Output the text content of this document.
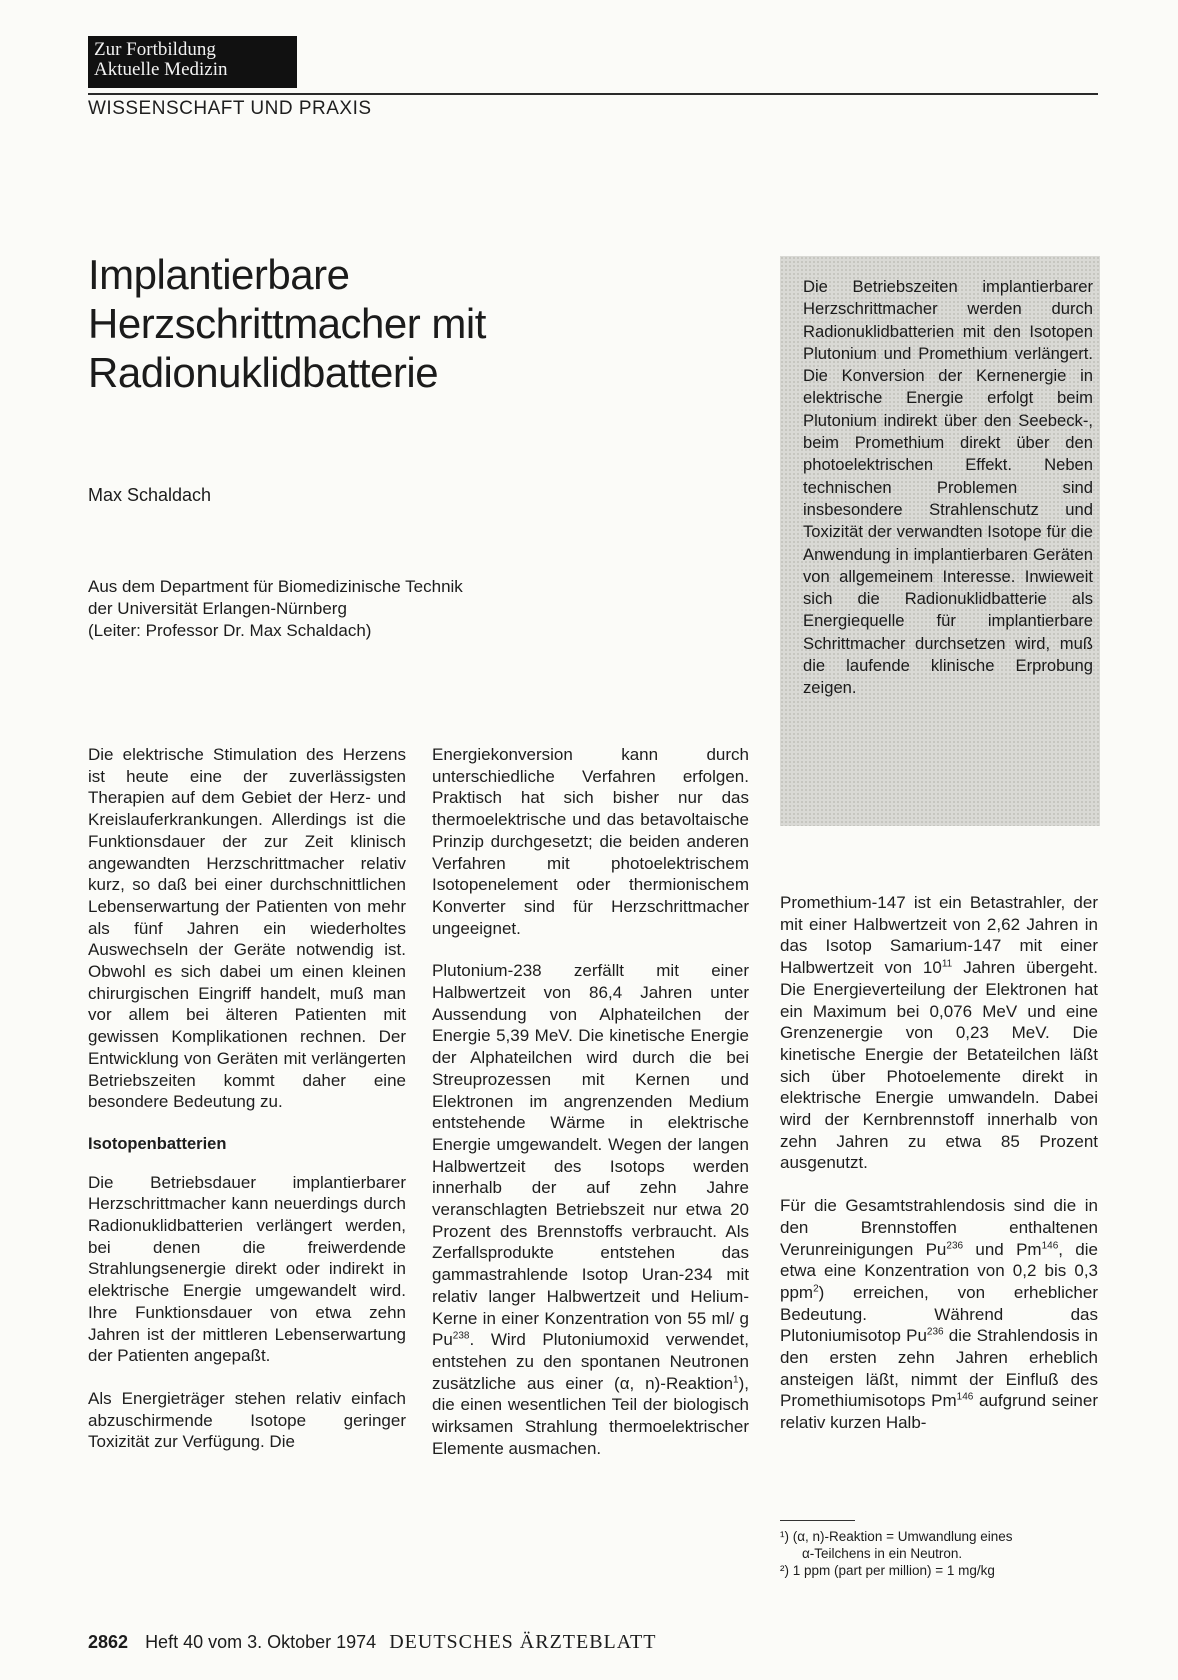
Zur Fortbildung
Aktuelle Medizin
WISSENSCHAFT UND PRAXIS
Implantierbare
Herzschrittmacher mit
Radionuklidbatterie
Max Schaldach
Aus dem Department für Biomedizinische Technik
der Universität Erlangen-Nürnberg
(Leiter: Professor Dr. Max Schaldach)
Die Betriebszeiten implantierbarer Herzschrittmacher werden durch Radionuklidbatterien mit den Isotopen Plutonium und Promethium verlängert. Die Konversion der Kernenergie in elektrische Energie erfolgt beim Plutonium indirekt über den Seebeck-, beim Promethium direkt über den photoelektrischen Effekt. Neben technischen Problemen sind insbesondere Strahlenschutz und Toxizität der verwandten Isotope für die Anwendung in implantierbaren Geräten von allgemeinem Interesse. Inwieweit sich die Radionuklidbatterie als Energiequelle für implantierbare Schrittmacher durchsetzen wird, muß die laufende klinische Erprobung zeigen.

Die elektrische Stimulation des Herzens ist heute eine der zuverlässigsten Therapien auf dem Gebiet der Herz- und Kreislauferkrankungen. Allerdings ist die Funktionsdauer der zur Zeit klinisch angewandten Herzschrittmacher relativ kurz, so daß bei einer durchschnittlichen Lebenserwartung der Patienten von mehr als fünf Jahren ein wiederholtes Auswechseln der Geräte notwendig ist. Obwohl es sich dabei um einen kleinen chirurgischen Eingriff handelt, muß man vor allem bei älteren Patienten mit gewissen Komplikationen rechnen. Der Entwicklung von Geräten mit verlängerten Betriebszeiten kommt daher eine besondere Bedeutung zu.

Isotopenbatterien

Die Betriebsdauer implantierbarer Herzschrittmacher kann neuerdings durch Radionuklidbatterien verlängert werden, bei denen die freiwerdende Strahlungsenergie direkt oder indirekt in elektrische Energie umgewandelt wird. Ihre Funktionsdauer von etwa zehn Jahren ist der mittleren Lebenserwartung der Patienten angepaßt.

Als Energieträger stehen relativ einfach abzuschirmende Isotope geringer Toxizität zur Verfügung. Die

Energiekonversion kann durch unterschiedliche Verfahren erfolgen. Praktisch hat sich bisher nur das thermoelektrische und das betavoltaische Prinzip durchgesetzt; die beiden anderen Verfahren mit photoelektrischem Isotopenelement oder thermionischem Konverter sind für Herzschrittmacher ungeeignet.

Plutonium-238 zerfällt mit einer Halbwertzeit von 86,4 Jahren unter Aussendung von Alphateilchen der Energie 5,39 MeV. Die kinetische Energie der Alphateilchen wird durch die bei Streuprozessen mit Kernen und Elektronen im angrenzenden Medium entstehende Wärme in elektrische Energie umgewandelt. Wegen der langen Halbwertzeit des Isotops werden innerhalb der auf zehn Jahre veranschlagten Betriebszeit nur etwa 20 Prozent des Brennstoffs verbraucht. Als Zerfallsprodukte entstehen das gammastrahlende Isotop Uran-234 mit relativ langer Halbwertzeit und Helium-Kerne in einer Konzentration von 55 ml/ g Pu$^{238}$. Wird Plutoniumoxid verwendet, entstehen zu den spontanen Neutronen zusätzliche aus einer (α, n)-Reaktion$^1$), die einen wesentlichen Teil der biologisch wirksamen Strahlung thermoelektrischer Elemente ausmachen.

Promethium-147 ist ein Betastrahler, der mit einer Halbwertzeit von 2,62 Jahren in das Isotop Samarium-147 mit einer Halbwertzeit von $10^{11}$ Jahren übergeht. Die Energieverteilung der Elektronen hat ein Maximum bei 0,076 MeV und eine Grenzenergie von 0,23 MeV. Die kinetische Energie der Betateilchen läßt sich über Photoelemente direkt in elektrische Energie umwandeln. Dabei wird der Kernbrennstoff innerhalb von zehn Jahren zu etwa 85 Prozent ausgenutzt.

Für die Gesamtstrahlendosis sind die in den Brennstoffen enthaltenen Verunreinigungen Pu$^{236}$ und Pm$^{146}$, die etwa eine Konzentration von 0,2 bis 0,3 ppm$^2$) erreichen, von erheblicher Bedeutung. Während das Plutoniumisotop Pu$^{236}$ die Strahlendosis in den ersten zehn Jahren erheblich ansteigen läßt, nimmt der Einfluß des Promethiumisotops Pm$^{146}$ aufgrund seiner relativ kurzen Halb-

¹) (α, n)-Reaktion = Umwandlung eines
α-Teilchens in ein Neutron.
²) 1 ppm (part per million) = 1 mg/kg
2862 Heft 40 vom 3. Oktober 1974 DEUTSCHES ÄRZTEBLATT
